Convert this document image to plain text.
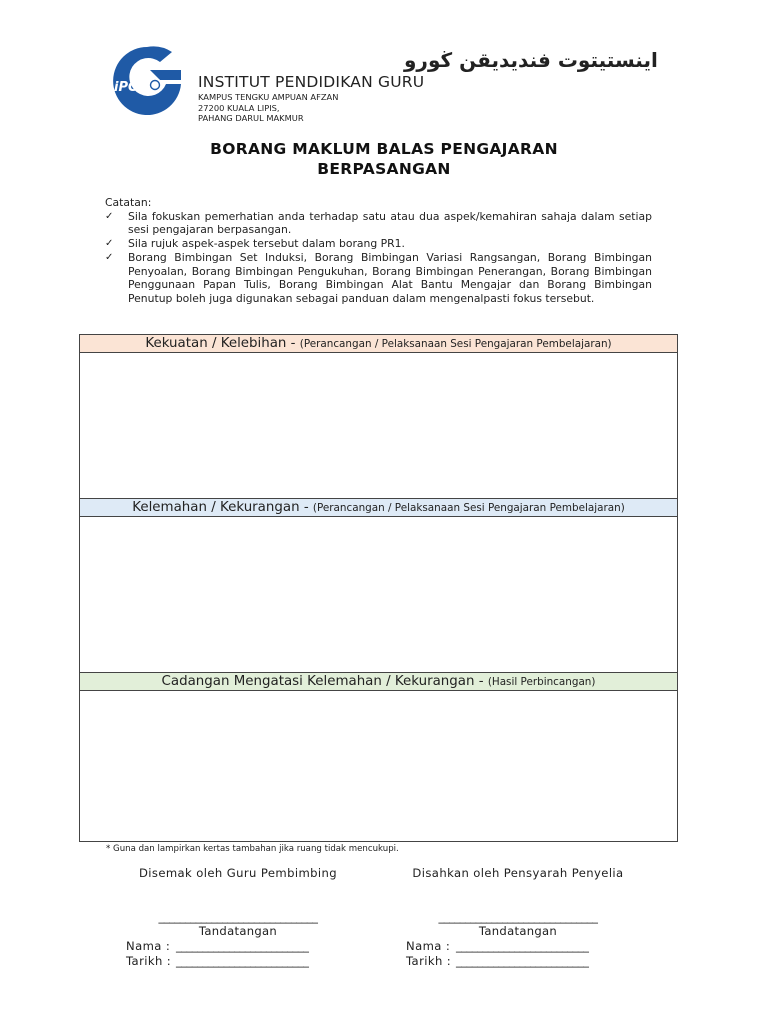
iPG
اينستيتوت فنديديقن ڬورو
INSTITUT PENDIDIKAN GURU
KAMPUS TENGKU AMPUAN AFZAN
27200 KUALA LIPIS,
PAHANG DARUL MAKMUR
BORANG MAKLUM BALAS PENGAJARAN
BERPASANGAN
Catatan:
✓ Sila fokuskan pemerhatian anda terhadap satu atau dua aspek/kemahiran sahaja dalam setiap sesi pengajaran berpasangan.
✓ Sila rujuk aspek-aspek tersebut dalam borang PR1.
✓ Borang Bimbingan Set Induksi, Borang Bimbingan Variasi Rangsangan, Borang Bimbingan Penyoalan, Borang Bimbingan Pengukuhan, Borang Bimbingan Penerangan, Borang Bimbingan Penggunaan Papan Tulis, Borang Bimbingan Alat Bantu Mengajar dan Borang Bimbingan Penutup boleh juga digunakan sebagai panduan dalam mengenalpasti fokus tersebut.
Kekuatan / Kelebihan - (Perancangan / Pelaksanaan Sesi Pengajaran Pembelajaran)
Kelemahan / Kekurangan - (Perancangan / Pelaksanaan Sesi Pengajaran Pembelajaran)
Cadangan Mengatasi Kelemahan / Kekurangan - (Hasil Perbincangan)
* Guna dan lampirkan kertas tambahan jika ruang tidak mencukupi.
Disemak oleh Guru Pembimbing
______________________________
Tandatangan
Nama : _________________________
Tarikh : _________________________
Disahkan oleh Pensyarah Penyelia
______________________________
Tandatangan
Nama : _________________________
Tarikh : _________________________
